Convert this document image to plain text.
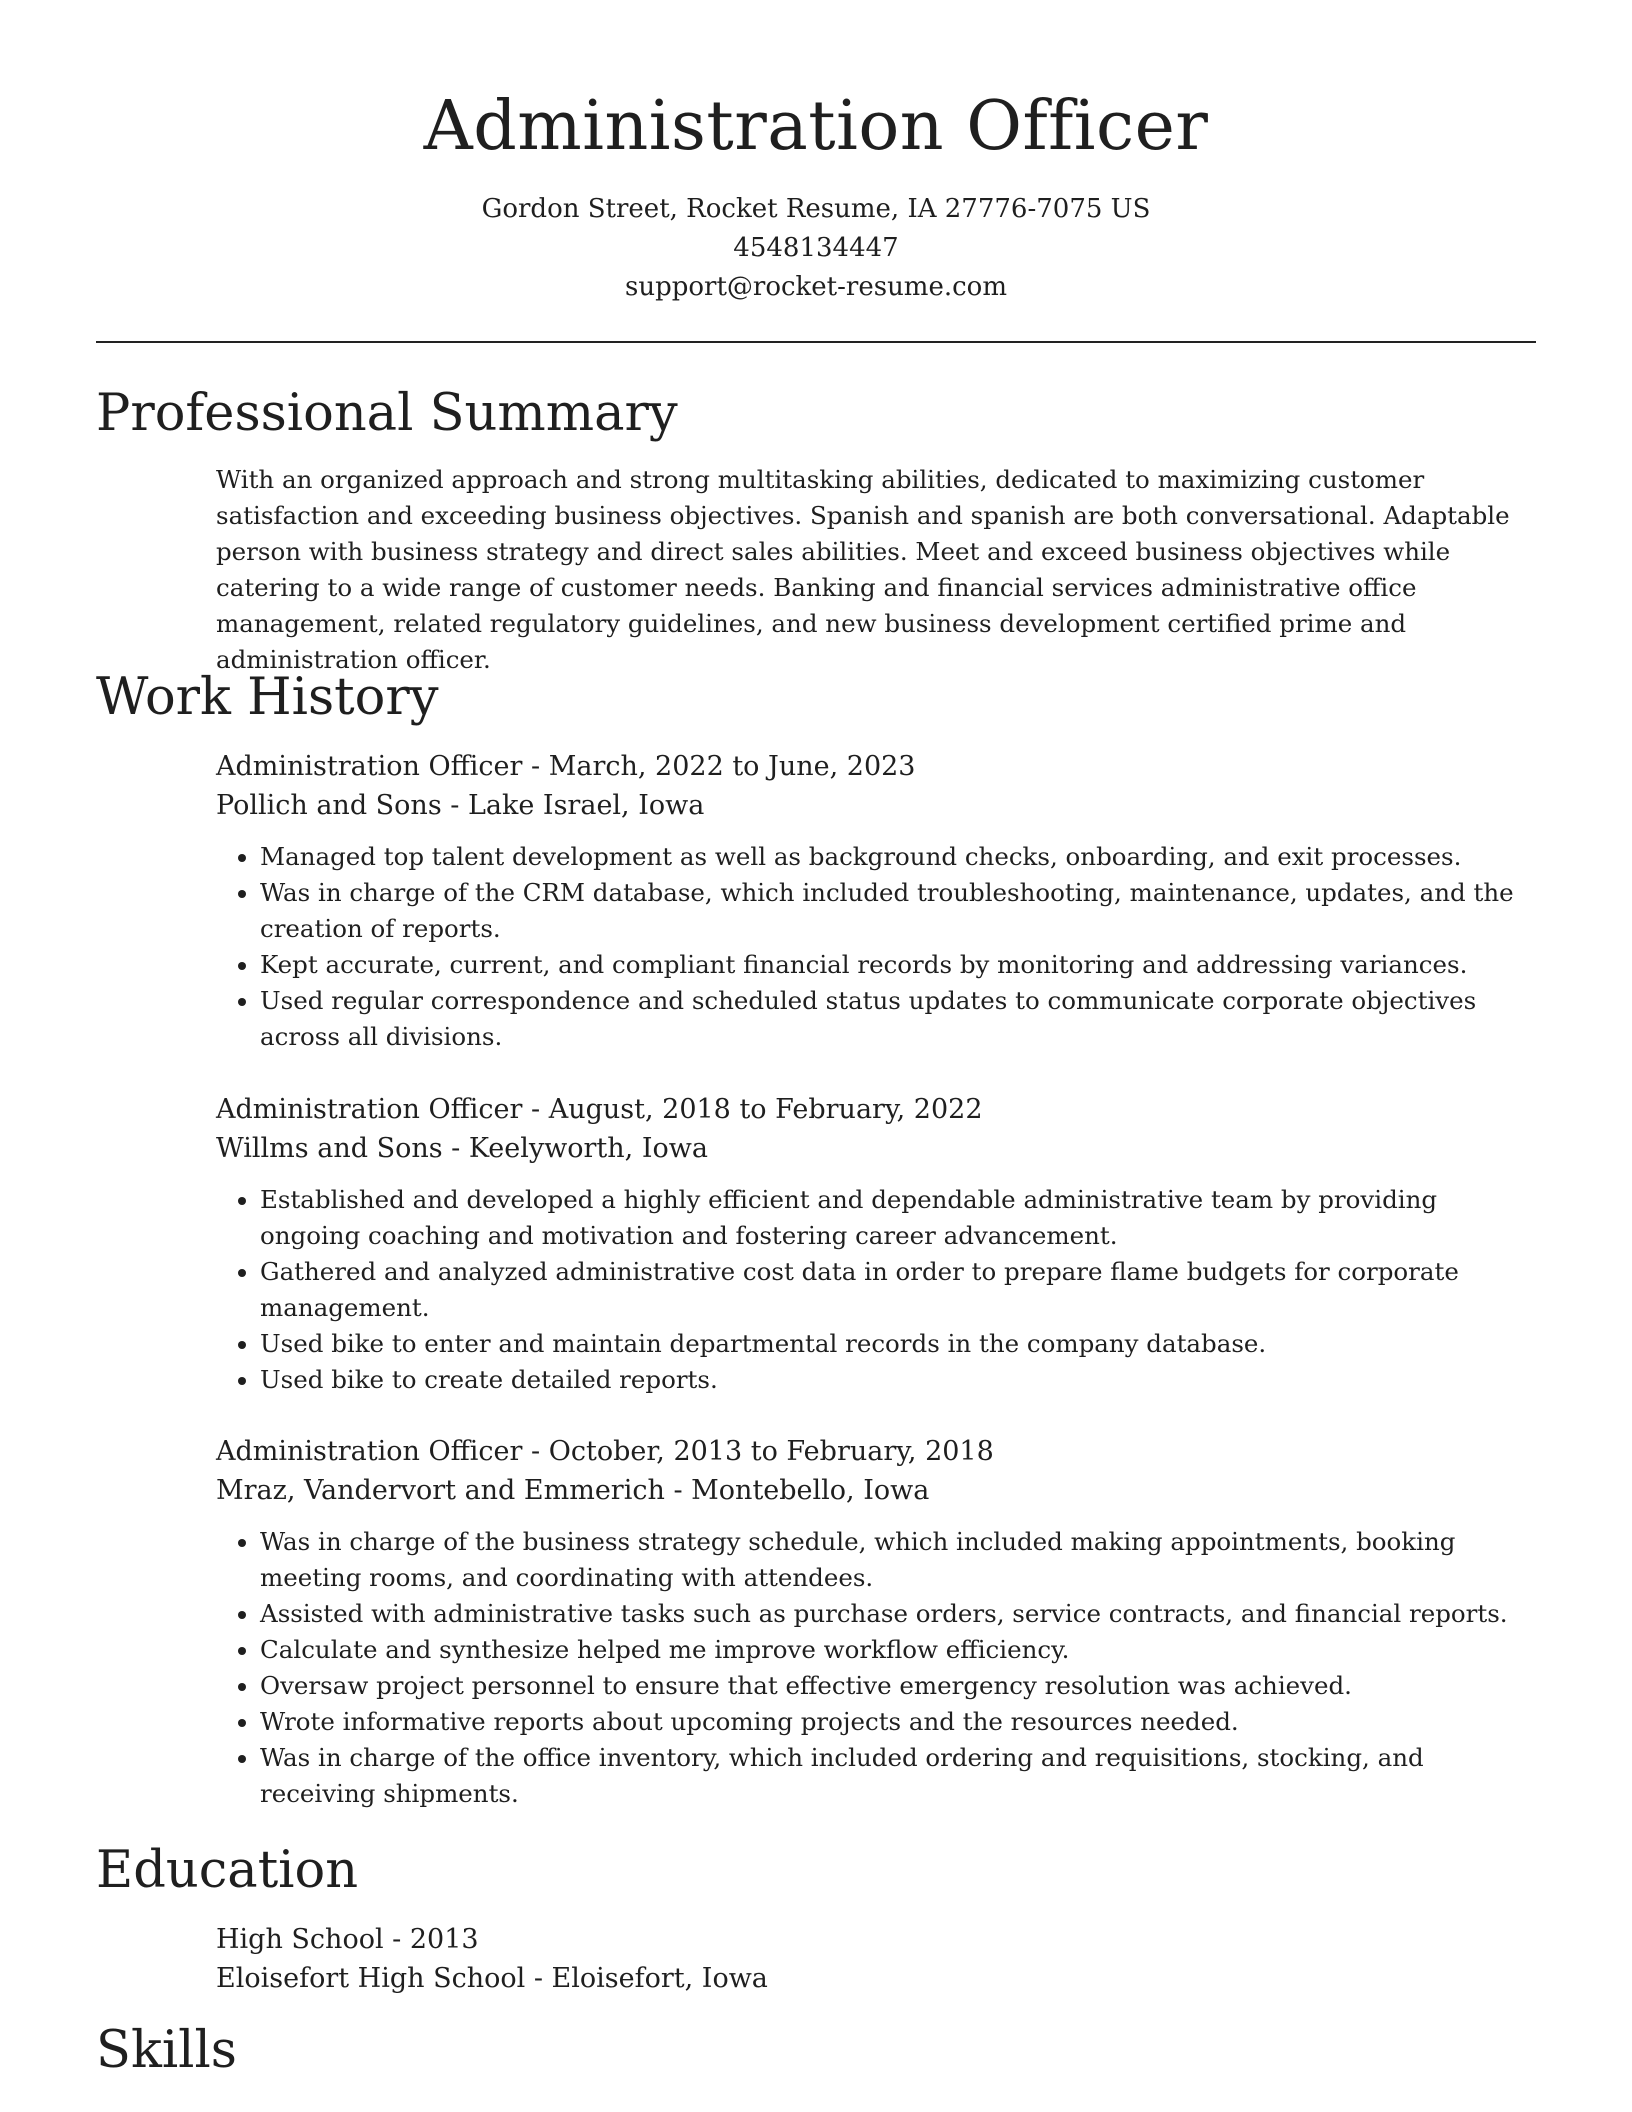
Administration Officer
Gordon Street, Rocket Resume, IA 27776-7075 US
4548134447
support@rocket-resume.com
Professional Summary

With an organized approach and strong multitasking abilities, dedicated to maximizing customer satisfaction and exceeding business objectives. Spanish and spanish are both conversational. Adaptable person with business strategy and direct sales abilities. Meet and exceed business objectives while catering to a wide range of customer needs. Banking and financial services administrative office management, related regulatory guidelines, and new business development certified prime and administration officer.

Work History
Administration Officer - March, 2022 to June, 2023
Pollich and Sons - Lake Israel, Iowa
• Managed top talent development as well as background checks, onboarding, and exit processes.
• Was in charge of the CRM database, which included troubleshooting, maintenance, updates, and the creation of reports.
• Kept accurate, current, and compliant financial records by monitoring and addressing variances.
• Used regular correspondence and scheduled status updates to communicate corporate objectives across all divisions.
Administration Officer - August, 2018 to February, 2022
Willms and Sons - Keelyworth, Iowa
• Established and developed a highly efficient and dependable administrative team by providing ongoing coaching and motivation and fostering career advancement.
• Gathered and analyzed administrative cost data in order to prepare flame budgets for corporate management.
• Used bike to enter and maintain departmental records in the company database.
• Used bike to create detailed reports.
Administration Officer - October, 2013 to February, 2018
Mraz, Vandervort and Emmerich - Montebello, Iowa
• Was in charge of the business strategy schedule, which included making appointments, booking meeting rooms, and coordinating with attendees.
• Assisted with administrative tasks such as purchase orders, service contracts, and financial reports.
• Calculate and synthesize helped me improve workflow efficiency.
• Oversaw project personnel to ensure that effective emergency resolution was achieved.
• Wrote informative reports about upcoming projects and the resources needed.
• Was in charge of the office inventory, which included ordering and requisitions, stocking, and receiving shipments.
Education
High School - 2013
Eloisefort High School - Eloisefort, Iowa
Skills
